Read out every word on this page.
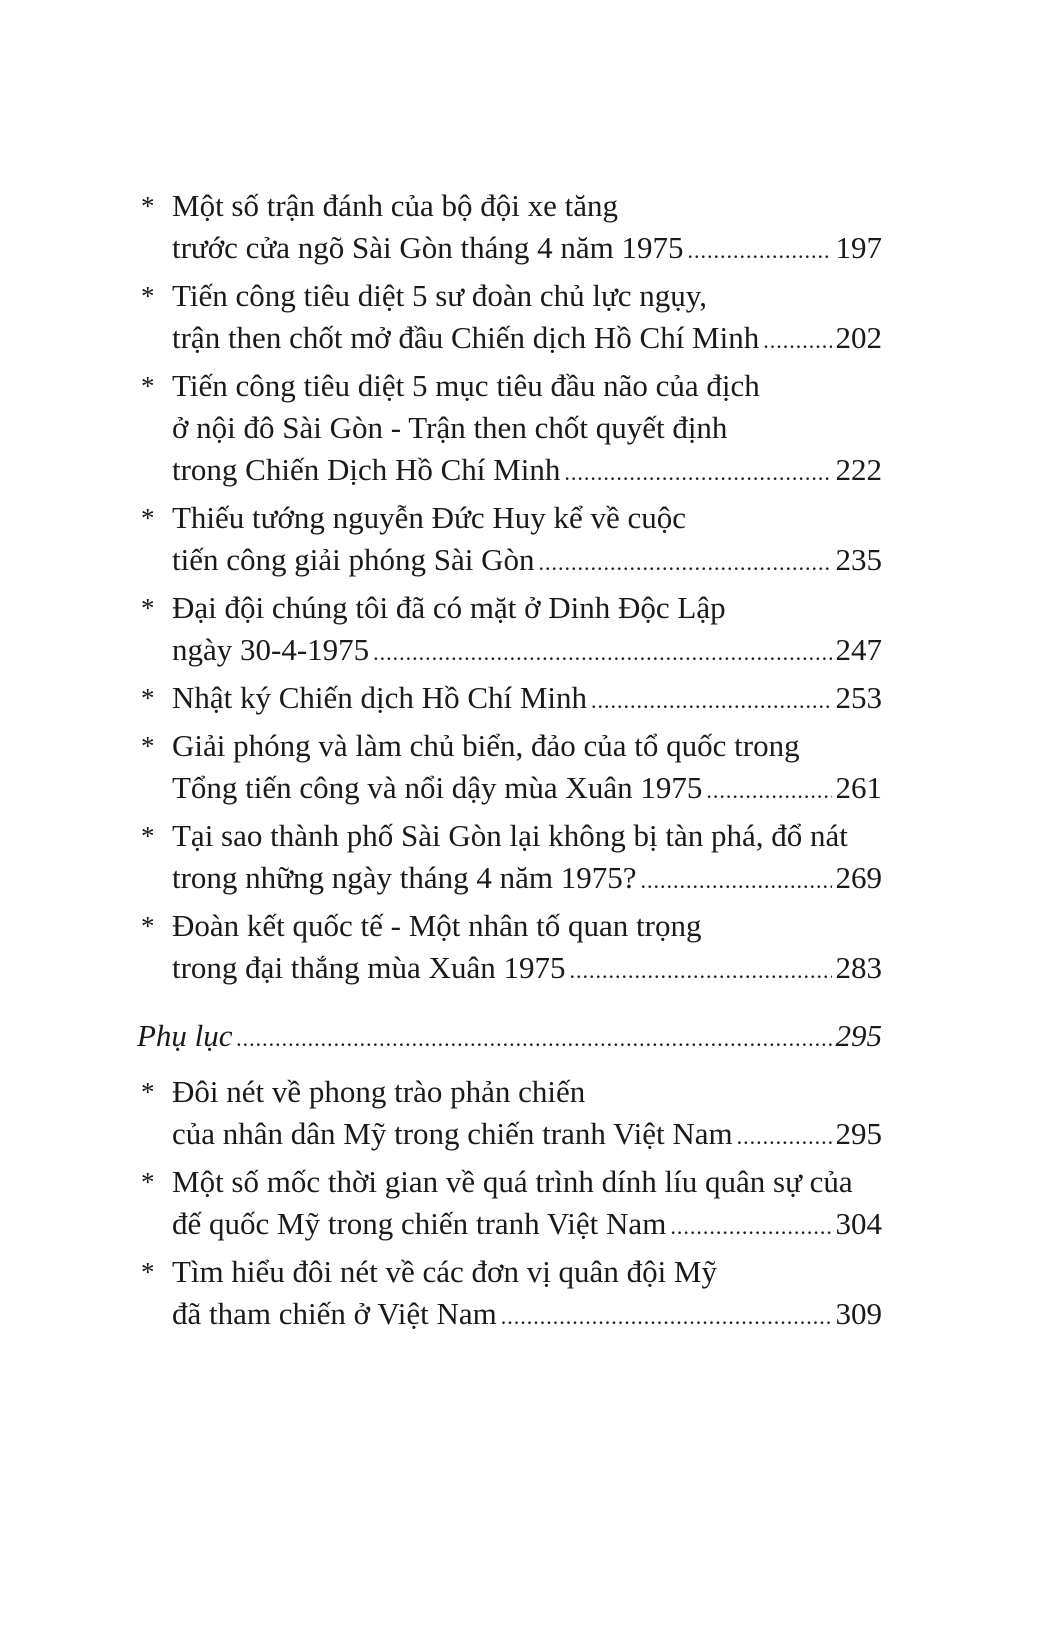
* Một số trận đánh của bộ đội xe tăng
trước cửa ngõ Sài Gòn tháng 4 năm 1975 .....	197
* Tiến công tiêu diệt 5 sư đoàn chủ lực ngụy,
trận then chốt mở đầu Chiến dịch Hồ Chí Minh ..... 202
* Tiến công tiêu diệt 5 mục tiêu đầu não của địch
ở nội đô Sài Gòn - Trận then chốt quyết định
trong Chiến Dịch Hồ Chí Minh .....	222
* Thiếu tướng nguyễn Đức Huy kể về cuộc
tiến công giải phóng Sài Gòn .....	235
* Đại đội chúng tôi đã có mặt ở Dinh Độc Lập
ngày 30-4-1975 .....	247
* Nhật ký Chiến dịch Hồ Chí Minh .....	253
* Giải phóng và làm chủ biển, đảo của tổ quốc trong
Tổng tiến công và nổi dậy mùa Xuân 1975 .....	261
* Tại sao thành phố Sài Gòn lại không bị tàn phá, đổ nát
trong những ngày tháng 4 năm 1975? .....	269
* Đoàn kết quốc tế - Một nhân tố quan trọng
trong đại thắng mùa Xuân 1975 .....	283
Phụ lục .....	295
* Đôi nét về phong trào phản chiến
của nhân dân Mỹ trong chiến tranh Việt Nam .....	295
* Một số mốc thời gian về quá trình dính líu quân sự của
đế quốc Mỹ trong chiến tranh Việt Nam .....	304
* Tìm hiểu đôi nét về các đơn vị quân đội Mỹ
đã tham chiến ở Việt Nam .....	309
